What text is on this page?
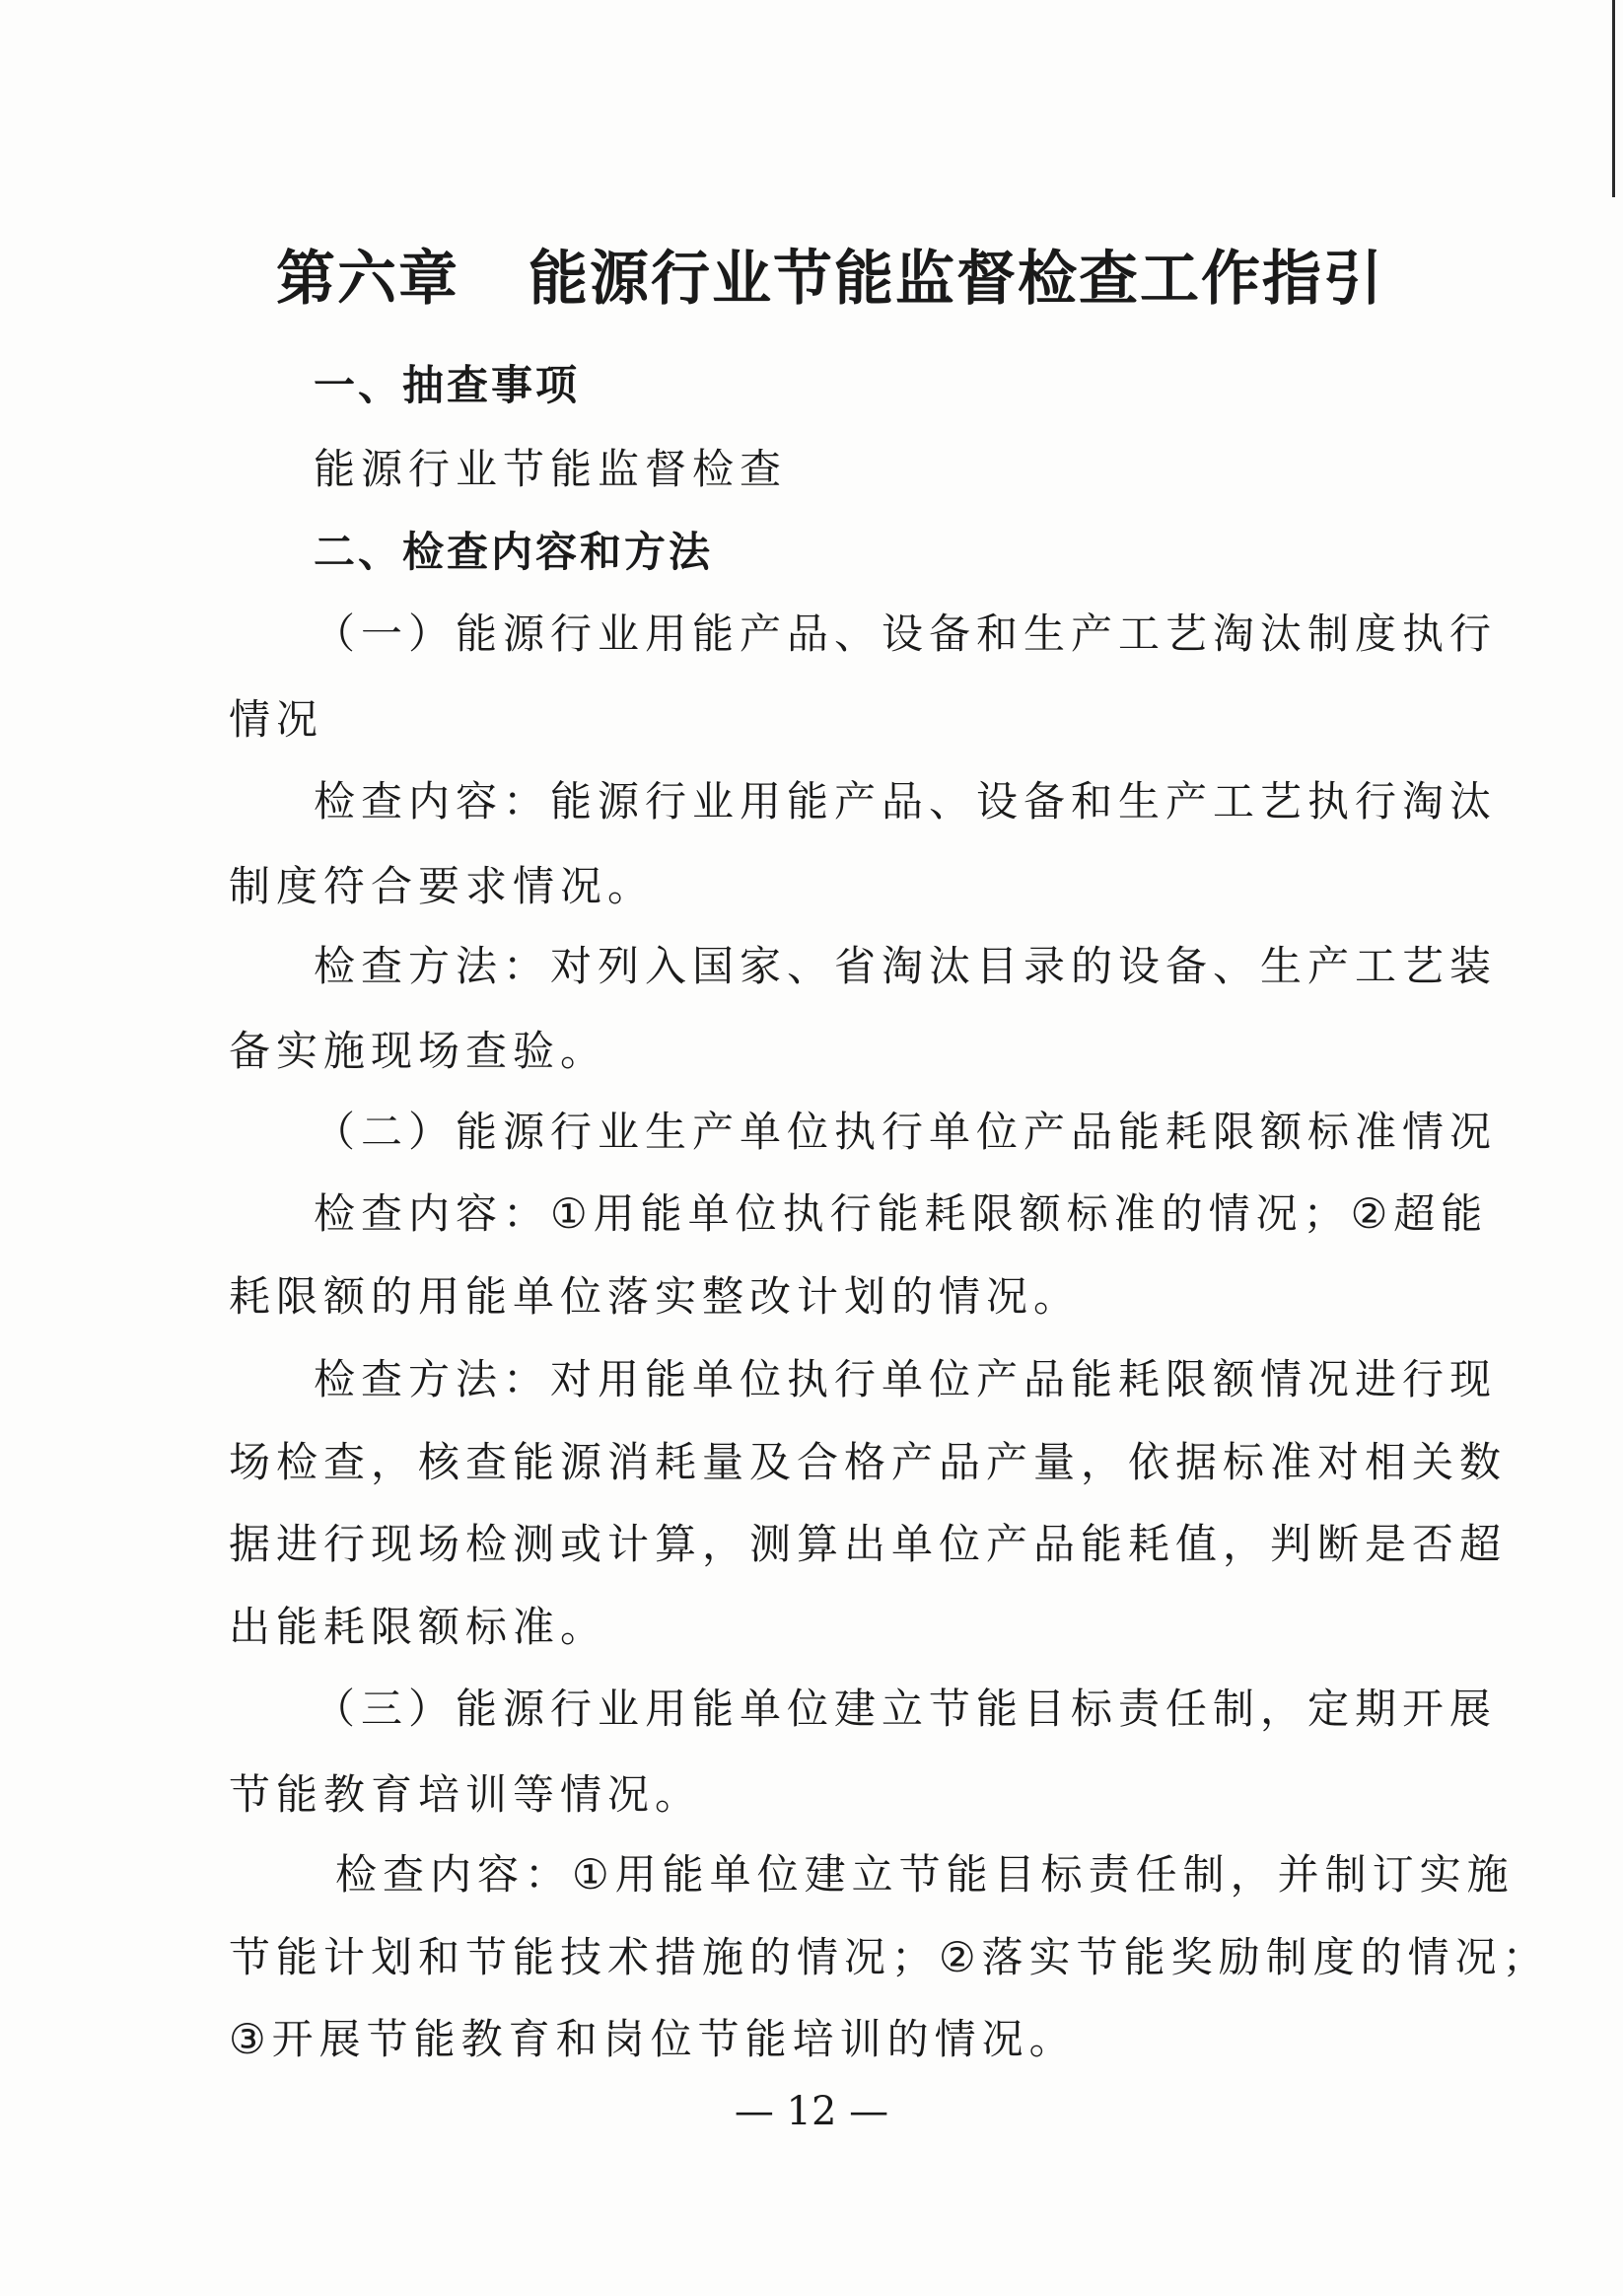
第六章 能源行业节能监督检查工作指引
一、抽查事项
能源行业节能监督检查
二、检查内容和方法
（一）能源行业用能产品、设备和生产工艺淘汰制度执行
情况
检查内容：能源行业用能产品、设备和生产工艺执行淘汰
制度符合要求情况。
检查方法：对列入国家、省淘汰目录的设备、生产工艺装
备实施现场查验。
（二）能源行业生产单位执行单位产品能耗限额标准情况
检查内容：①用能单位执行能耗限额标准的情况；②超能
耗限额的用能单位落实整改计划的情况。
检查方法：对用能单位执行单位产品能耗限额情况进行现
场检查，核查能源消耗量及合格产品产量，依据标准对相关数
据进行现场检测或计算，测算出单位产品能耗值，判断是否超
出能耗限额标准。
（三）能源行业用能单位建立节能目标责任制，定期开展
节能教育培训等情况。
检查内容：①用能单位建立节能目标责任制，并制订实施
节能计划和节能技术措施的情况；②落实节能奖励制度的情况；
③开展节能教育和岗位节能培训的情况。
— 12 —
